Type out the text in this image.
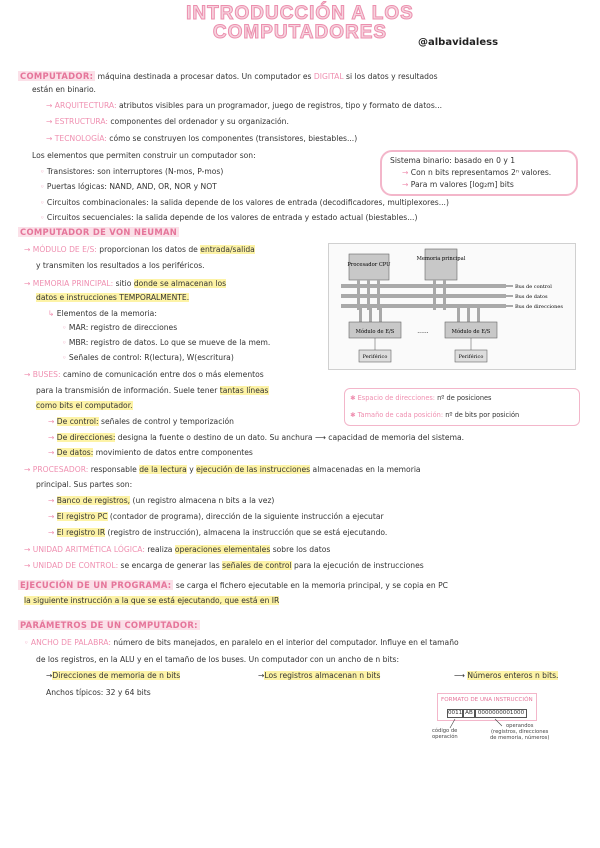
INTRODUCCIÓN A LOS
COMPUTADORES	@albavidaless
COMPUTADOR: máquina destinada a procesar datos. Un computador es DIGITAL si los datos y resultados
están en binario.
→ ARQUITECTURA: atributos visibles para un programador, juego de registros, tipo y formato de datos...
→ ESTRUCTURA: componentes del ordenador y su organización.
→ TECNOLOGÍA: cómo se construyen los componentes (transistores, biestables...)
Los elementos que permiten construir un computador son:
◦ Transistores: son interruptores (N-mos, P-mos)
◦ Puertas lógicas: NAND, AND, OR, NOR y NOT
◦ Circuitos combinacionales: la salida depende de los valores de entrada (decodificadores, multiplexores...)
◦ Circuitos secuenciales: la salida depende de los valores de entrada y estado actual (biestables...)
Sistema binario: basado en 0 y 1
→ Con n bits representamos 2ⁿ valores.
→ Para m valores [log₂m] bits
COMPUTADOR DE VON NEUMAN
→ MÓDULO DE E/S: proporcionan los datos de entrada/salida
y transmiten los resultados a los periféricos.
→ MEMORIA PRINCIPAL: sitio donde se almacenan los
datos e instrucciones TEMPORALMENTE.
↳ Elementos de la memoria:
◦ MAR: registro de direcciones
◦ MBR: registro de datos. Lo que se mueve de la mem.
◦ Señales de control: R(lectura), W(escritura)
→ BUSES: camino de comunicación entre dos o más elementos
para la transmisión de información. Suele tener tantas líneas
como bits el computador.
→ De control: señales de control y temporización
→ De direcciones: designa la fuente o destino de un dato. Su anchura ⟶ capacidad de memoria del sistema.
→ De datos: movimiento de datos entre componentes
→ PROCESADOR: responsable de la lectura y ejecución de las instrucciones almacenadas en la memoria
principal. Sus partes son:
→ Banco de registros, (un registro almacena n bits a la vez)
→ El registro PC (contador de programa), dirección de la siguiente instrucción a ejecutar
→ El registro IR (registro de instrucción), almacena la instrucción que se está ejecutando.
→ UNIDAD ARITMÉTICA LÓGICA: realiza operaciones elementales sobre los datos
→ UNIDAD DE CONTROL: se encarga de generar las señales de control para la ejecución de instrucciones
Procesador CPU
Memoria principal
Módulo de E/S	Módulo de E/S
......
Periférico	Periférico
Bus de control
Bus de datos
Bus de direcciones
✱ Espacio de direcciones: nº de posiciones
✱ Tamaño de cada posición: nº de bits por posición
EJECUCIÓN DE UN PROGRAMA: se carga el fichero ejecutable en la memoria principal, y se copia en PC
la siguiente instrucción a la que se está ejecutando, que está en IR
PARÁMETROS DE UN COMPUTADOR:
◦ ANCHO DE PALABRA: número de bits manejados, en paralelo en el interior del computador. Influye en el tamaño
de los registros, en la ALU y en el tamaño de los buses. Un computador con un ancho de n bits:
→Direcciones de memoria de n bits	→Los registros almacenan n bits	⟶ Números enteros n bits.
Anchos típicos: 32 y 64 bits
FORMATO DE UNA INSTRUCCIÓN
0011 AB 0000000001000
código de
operación
operandos
(registros, direcciones
de memoria, números)
